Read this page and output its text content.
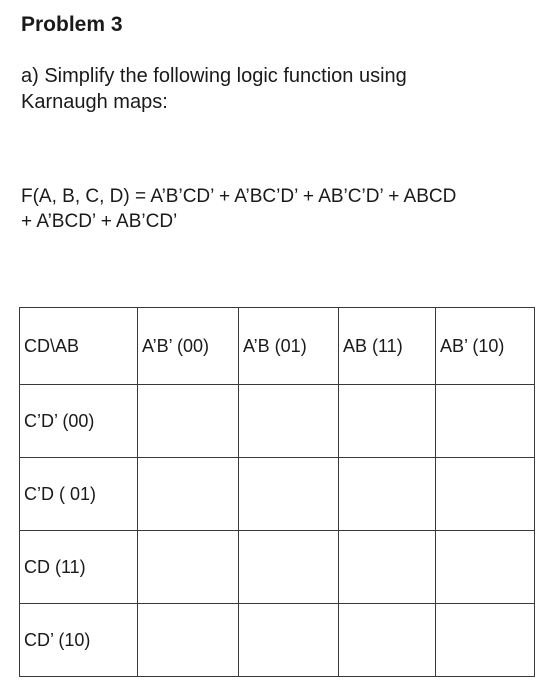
Problem 3
a) Simplify the following logic function using
Karnaugh maps:
F(A, B, C, D) = A’B’CD’ + A’BC’D’ + AB’C’D’ + ABCD
+ A’BCD’ + AB’CD’
CD\AB	A’B’ (00)	A’B (01)	AB (11)	AB’ (10)
C’D’ (00)				
C’D ( 01)				
CD (11)				
CD’ (10)				
